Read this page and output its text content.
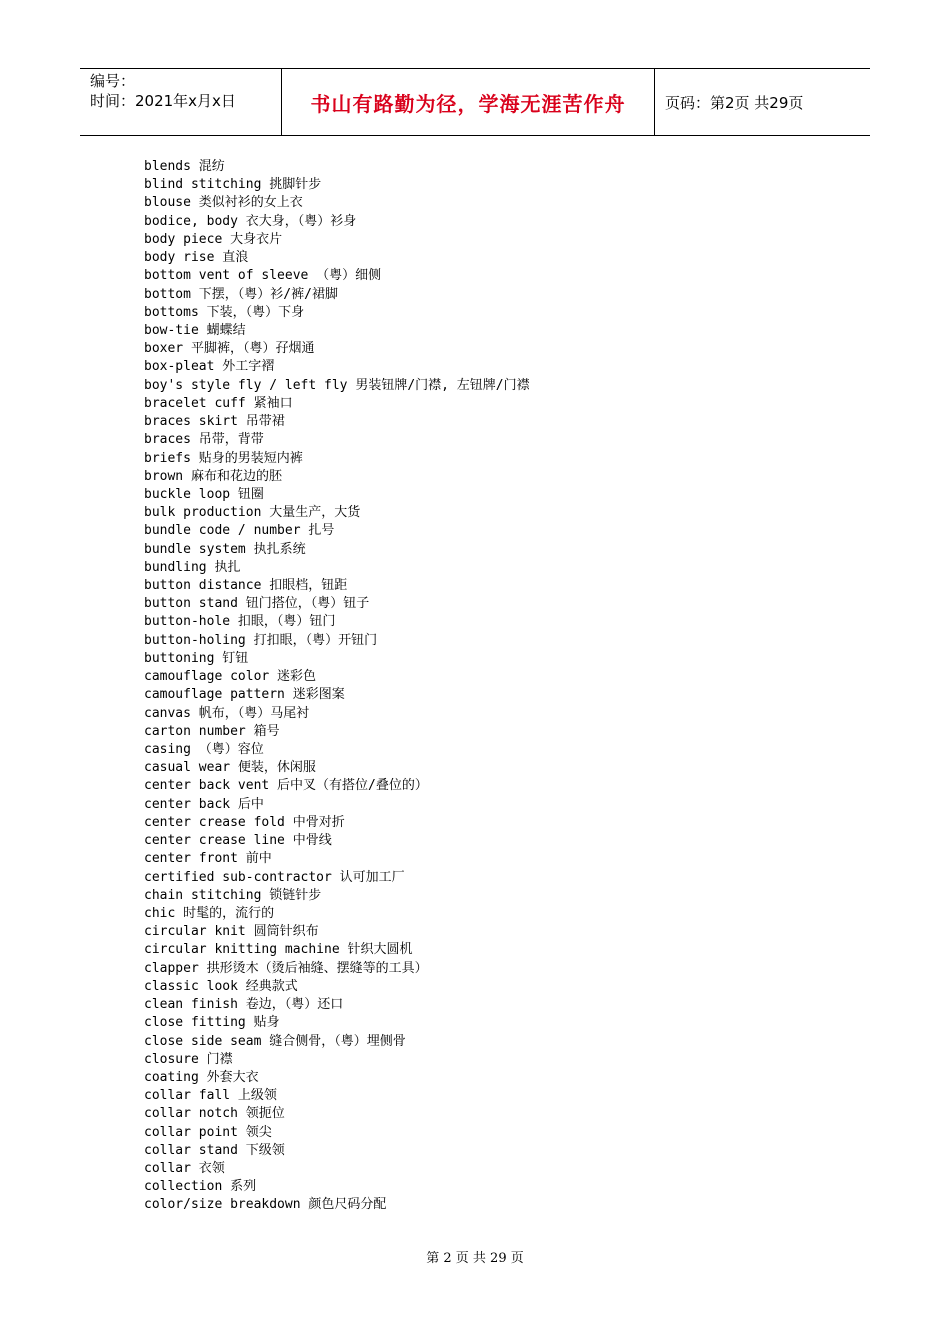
编号：
时间：2021年x月x日	书山有路勤为径，学海无涯苦作舟	页码：第2页 共29页
blends 混纺
blind stitching 挑脚针步
blouse 类似衬衫的女上衣
bodice, body 衣大身，（粤）衫身
body piece 大身衣片
body rise 直浪
bottom vent of sleeve （粤）细侧
bottom 下摆，（粤）衫/裤/裙脚
bottoms 下装，（粤）下身
bow-tie 蝴蝶结
boxer 平脚裤，（粤）孖烟通
box-pleat 外工字褶
boy's style fly / left fly 男装钮牌/门襟, 左钮牌/门襟
bracelet cuff 紧袖口
braces skirt 吊带裙
braces 吊带，背带
briefs 贴身的男装短内裤
brown 麻布和花边的胚
buckle loop 钮圈
bulk production 大量生产，大货
bundle code / number 扎号
bundle system 执扎系统
bundling 执扎
button distance 扣眼档，钮距
button stand 钮门搭位，（粤）钮子
button-hole 扣眼，（粤）钮门
button-holing 打扣眼，（粤）开钮门
buttoning 钉钮
camouflage color 迷彩色
camouflage pattern 迷彩图案
canvas 帆布，（粤）马尾衬
carton number 箱号
casing （粤）容位
casual wear 便装，休闲服
center back vent 后中叉（有搭位/叠位的）
center back 后中
center crease fold 中骨对折
center crease line 中骨线
center front 前中
certified sub-contractor 认可加工厂
chain stitching 锁链针步
chic 时髦的，流行的
circular knit 圆筒针织布
circular knitting machine 针织大圆机
clapper 拱形烫木（烫后袖缝、摆缝等的工具）
classic look 经典款式
clean finish 卷边，（粤）还口
close fitting 贴身
close side seam 缝合侧骨，（粤）埋侧骨
closure 门襟
coating 外套大衣
collar fall 上级领
collar notch 领扼位
collar point 领尖
collar stand 下级领
collar 衣领
collection 系列
color/size breakdown 颜色尺码分配
第 2 页 共 29 页
